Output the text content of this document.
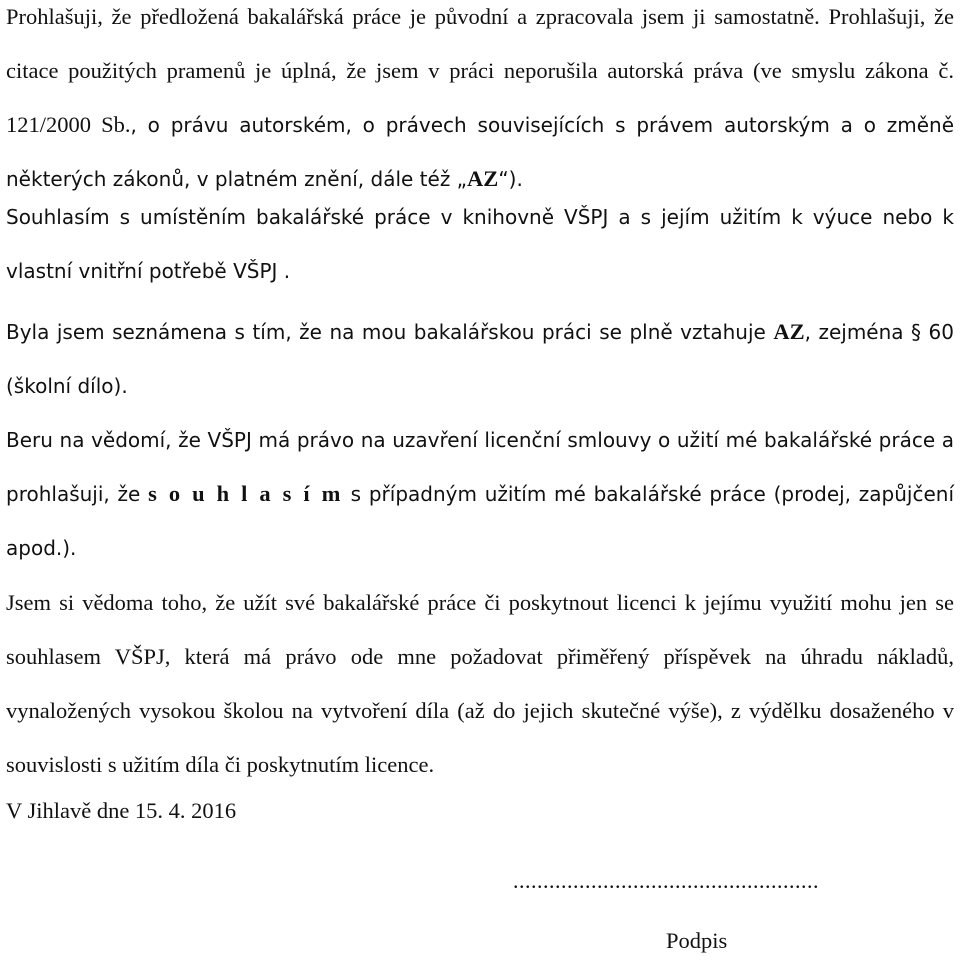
Prohlašuji, že předložená bakalářská práce je původní a zpracovala jsem ji samostatně. Prohlašuji, že citace použitých pramenů je úplná, že jsem v práci neporušila autorská práva (ve smyslu zákona č. 121/2000 Sb., o právu autorském, o právech souvisejících s právem autorským a o změně některých zákonů, v platném znění, dále též „AZ“).

Souhlasím s umístěním bakalářské práce v knihovně VŠPJ a s jejím užitím k výuce nebo k vlastní vnitřní potřebě VŠPJ .

Byla jsem seznámena s tím, že na mou bakalářskou práci se plně vztahuje AZ, zejména § 60 (školní dílo).

Beru na vědomí, že VŠPJ má právo na uzavření licenční smlouvy o užití mé bakalářské práce a prohlašuji, že s o u h l a s í m s případným užitím mé bakalářské práce (prodej, zapůjčení apod.).

Jsem si vědoma toho, že užít své bakalářské práce či poskytnout licenci k jejímu využití mohu jen se souhlasem VŠPJ, která má právo ode mne požadovat přiměřený příspěvek na úhradu nákladů, vynaložených vysokou školou na vytvoření díla (až do jejich skutečné výše), z výdělku dosaženého v souvislosti s užitím díla či poskytnutím licence.

V Jihlavě dne 15. 4. 2016

...................................................

Podpis
